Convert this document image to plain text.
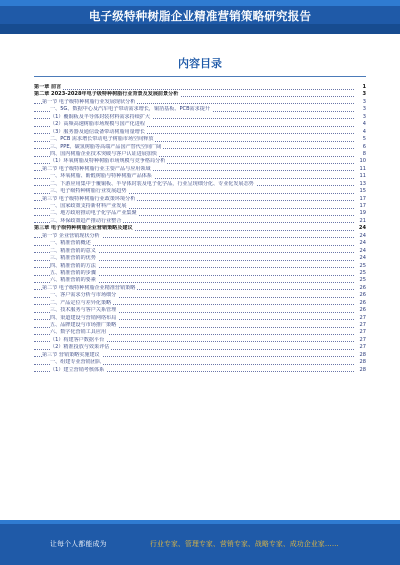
电子级特种树脂企业精准营销策略研究报告
内容目录
第一章 前言	1
第二章 2023-2028年电子级特种树脂行业背景及发展前景分析	3
第一节 电子级特种树脂行业发展现状分析	3
一、5G、数据中心及汽车电子带动需求增长，铜箔基板、PCB需求提升	3
（1）覆铜板及半导体封装材料需求持续扩大	3
（2）高频高速树脂市场规模与国产化进程	4
（3）服务器及通信设备带动树脂用量增长	4
二、PCB 需求增长带动电子树脂市场空间释放	5
三、PPE、碳氢树脂等高端产品国产替代空间广阔	6
四、国内树脂企业技术突破与客户认证进展加快	8
（1）环氧树脂及特种树脂市场规模与竞争格局分析	10
第二节 电子级特种树脂行业主要产品与应用领域	11
一、环氧树脂、酚醛树脂与特种树脂产品体系	11
二、下游应用集中于覆铜板、半导体封装及电子化学品，行业呈现细分化、专业化发展态势	13
三、电子级特种树脂行业发展趋势	15
第三节 电子级特种树脂行业政策环境分析	17
一、国家政策支持新材料产业发展	17
二、地方政府推动电子化学品产业集聚	19
三、环保政策趋严推动行业整合	21
第三章 电子级特种树脂企业营销策略及建议	24
第一节 企业营销现状分析	24
一、精准营销概述	24
二、精准营销的意义	24
三、精准营销的优势	24
四、精准营销的方法	25
五、精准营销的步骤	25
六、精准营销的要素	25
第二节 电子级特种树脂企业精准营销策略	26
一、客户需求分析与市场细分	26
二、产品定位与差异化策略	26
三、技术服务与客户关系管理	26
四、渠道建设与营销网络布局	27
五、品牌建设与市场推广策略	27
六、数字化营销工具应用	27
（1）构建客户数据平台	27
（2）精准投放与效果评估	27
第三节 营销策略实施建议	28
一、组建专业营销团队	28
（1）建立营销考核体系	28
让每个人都能成为	行业专家、管理专家、营销专家、战略专家、成功企业家……
